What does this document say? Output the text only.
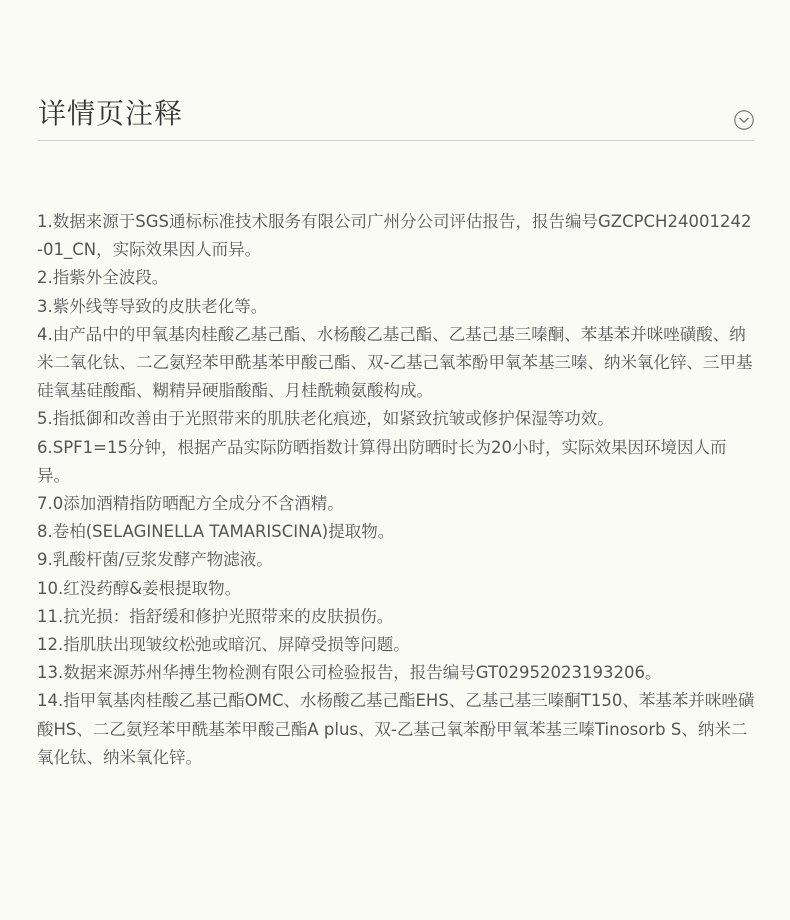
详情页注释
1.数据来源于SGS通标标准技术服务有限公司广州分公司评估报告，报告编号GZCPCH24001242-01_CN，实际效果因人而异。
2.指紫外全波段。
3.紫外线等导致的皮肤老化等。
4.由产品中的甲氧基肉桂酸乙基己酯、水杨酸乙基己酯、乙基己基三嗪酮、苯基苯并咪唑磺酸、纳米二氧化钛、二乙氨羟苯甲酰基苯甲酸己酯、双-乙基己氧苯酚甲氧苯基三嗪、纳米氧化锌、三甲基硅氧基硅酸酯、糊精异硬脂酸酯、月桂酰赖氨酸构成。
5.指抵御和改善由于光照带来的肌肤老化痕迹，如紧致抗皱或修护保湿等功效。
6.SPF1=15分钟，根据产品实际防晒指数计算得出防晒时长为20小时，实际效果因环境因人而异。
7.0添加酒精指防晒配方全成分不含酒精。
8.卷柏(SELAGINELLA TAMARISCINA)提取物。
9.乳酸杆菌/豆浆发酵产物滤液。
10.红没药醇&姜根提取物。
11.抗光损：指舒缓和修护光照带来的皮肤损伤。
12.指肌肤出现皱纹松弛或暗沉、屏障受损等问题。
13.数据来源苏州华搏生物检测有限公司检验报告，报告编号GT02952023193206。
14.指甲氧基肉桂酸乙基己酯OMC、水杨酸乙基己酯EHS、乙基己基三嗪酮T150、苯基苯并咪唑磺酸HS、二乙氨羟苯甲酰基苯甲酸己酯A plus、双-乙基己氧苯酚甲氧苯基三嗪Tinosorb S、纳米二氧化钛、纳米氧化锌。
